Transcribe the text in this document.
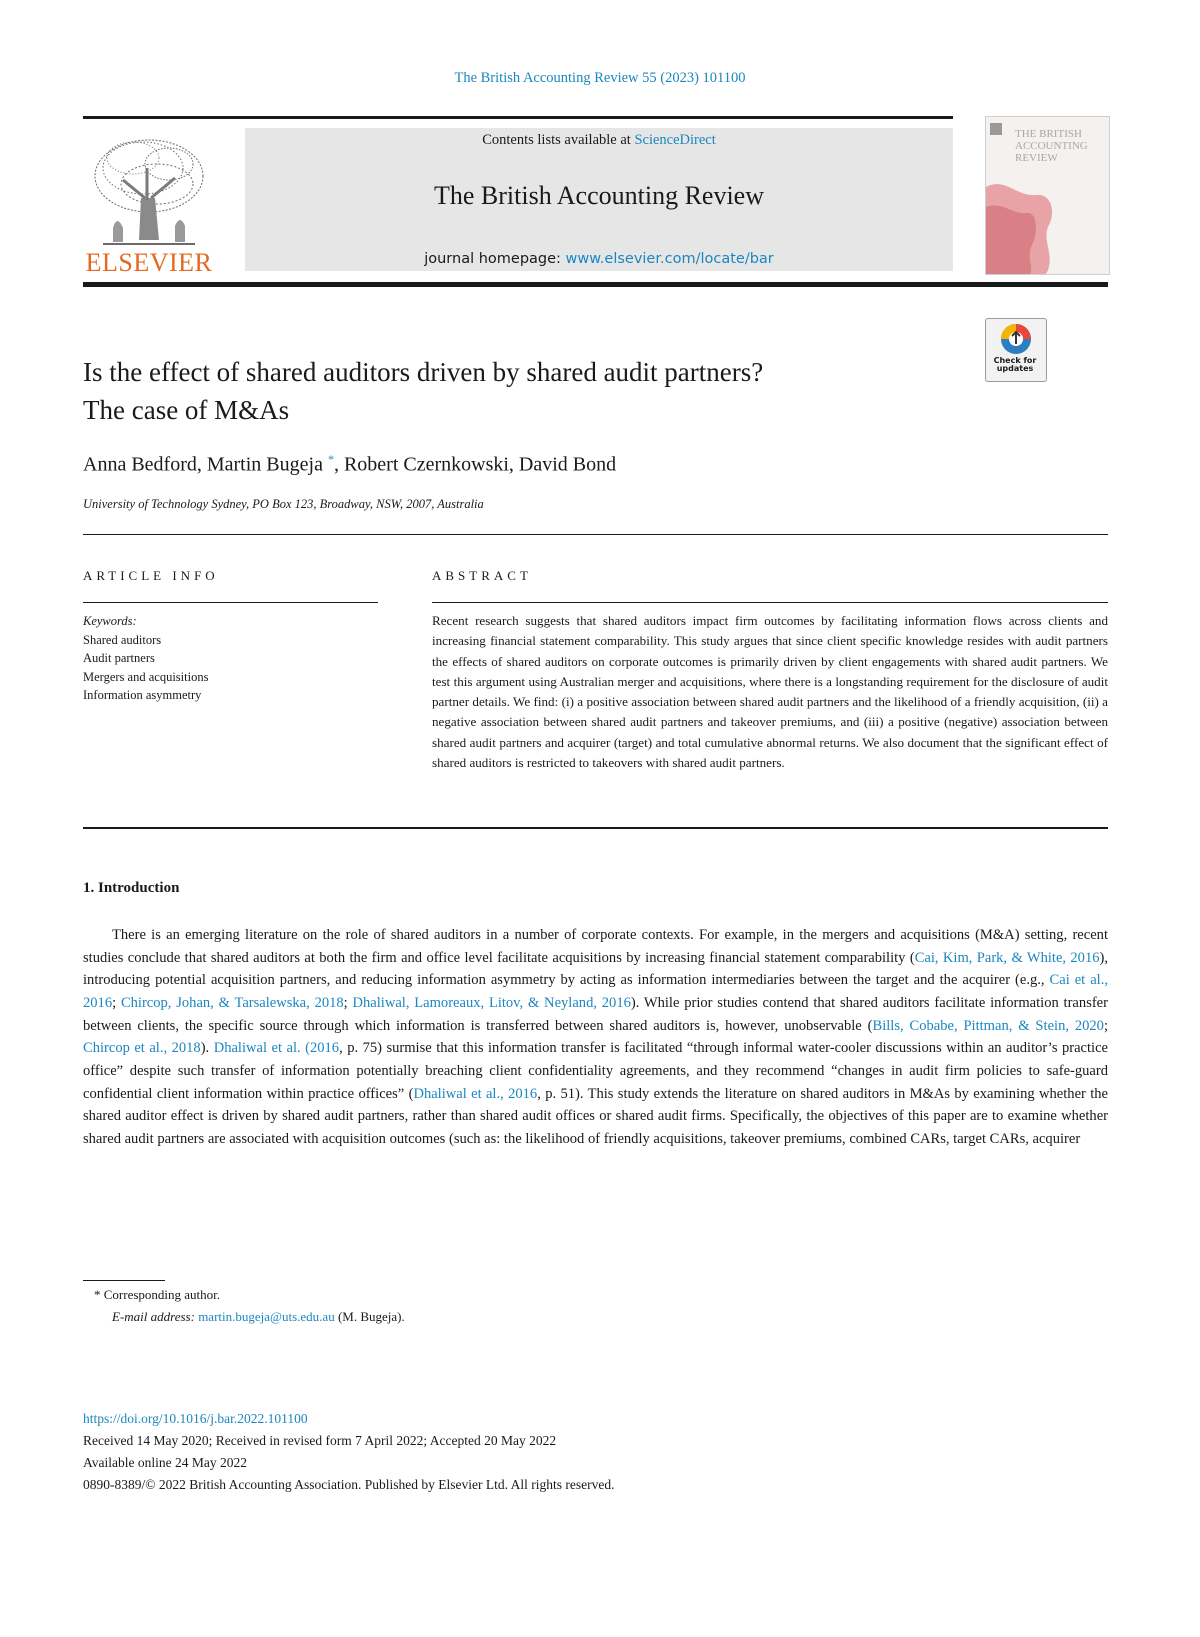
The British Accounting Review 55 (2023) 101100
ELSEVIER
Contents lists available at ScienceDirect
The British Accounting Review
journal homepage: www.elsevier.com/locate/bar
THE BRITISH ACCOUNTING REVIEW
Check for updates
Is the effect of shared auditors driven by shared audit partners?
The case of M&As
Anna Bedford, Martin Bugeja *, Robert Czernkowski, David Bond
University of Technology Sydney, PO Box 123, Broadway, NSW, 2007, Australia
ARTICLE INFO
Keywords:
Shared auditors
Audit partners
Mergers and acquisitions
Information asymmetry
ABSTRACT
Recent research suggests that shared auditors impact firm outcomes by facilitating information flows across clients and increasing financial statement comparability. This study argues that since client specific knowledge resides with audit partners the effects of shared auditors on corporate outcomes is primarily driven by client engagements with shared audit partners. We test this argument using Australian merger and acquisitions, where there is a longstanding requirement for the disclosure of audit partner details. We find: (i) a positive association between shared audit partners and the likelihood of a friendly acquisition, (ii) a negative association between shared audit partners and takeover premiums, and (iii) a positive (negative) association between shared audit partners and acquirer (target) and total cumulative abnormal returns. We also document that the significant effect of shared auditors is restricted to takeovers with shared audit partners.
1. Introduction
There is an emerging literature on the role of shared auditors in a number of corporate contexts. For example, in the mergers and acquisitions (M&A) setting, recent studies conclude that shared auditors at both the firm and office level facilitate acquisitions by increasing financial statement comparability (Cai, Kim, Park, & White, 2016), introducing potential acquisition partners, and reducing information asymmetry by acting as information intermediaries between the target and the acquirer (e.g., Cai et al., 2016; Chircop, Johan, & Tarsalewska, 2018; Dhaliwal, Lamoreaux, Litov, & Neyland, 2016). While prior studies contend that shared auditors facilitate information transfer between clients, the specific source through which information is transferred between shared auditors is, however, unobservable (Bills, Cobabe, Pittman, & Stein, 2020; Chircop et al., 2018). Dhaliwal et al. (2016, p. 75) surmise that this information transfer is facilitated “through informal water-cooler discussions within an auditor’s practice office” despite such transfer of information potentially breaching client confidentiality agreements, and they recommend “changes in audit firm policies to safe-guard confidential client information within practice offices” (Dhaliwal et al., 2016, p. 51). This study extends the literature on shared auditors in M&As by examining whether the shared auditor effect is driven by shared audit partners, rather than shared audit offices or shared audit firms. Specifically, the objectives of this paper are to examine whether shared audit partners are associated with acquisition outcomes (such as: the likelihood of friendly acquisitions, takeover premiums, combined CARs, target CARs, acquirer
* Corresponding author.
E-mail address: martin.bugeja@uts.edu.au (M. Bugeja).
https://doi.org/10.1016/j.bar.2022.101100
Received 14 May 2020; Received in revised form 7 April 2022; Accepted 20 May 2022
Available online 24 May 2022
0890-8389/© 2022 British Accounting Association. Published by Elsevier Ltd. All rights reserved.
